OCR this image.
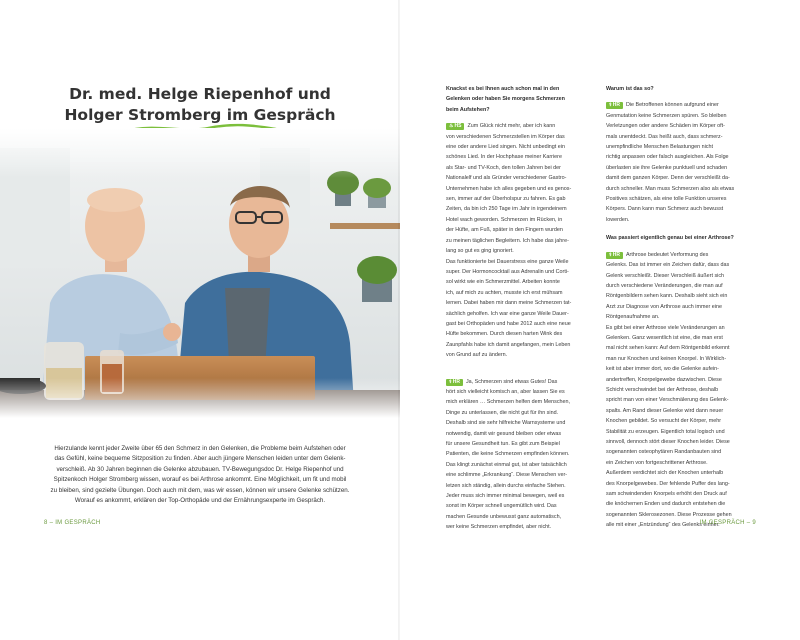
Dr. med. Helge Riepenhof und
Holger Stromberg im Gespräch
Hierzulande kennt jeder Zweite über 65 den Schmerz in den Gelenken, die Probleme beim Aufstehen oder
das Gefühl, keine bequeme Sitzposition zu finden. Aber auch jüngere Menschen leiden unter dem Gelenk-
verschleiß. Ab 30 Jahren beginnen die Gelenke abzubauen. TV-Bewegungsdoc Dr. Helge Riepenhof und
Spitzenkoch Holger Stromberg wissen, worauf es bei Arthrose ankommt. Eine Möglichkeit, um fit und mobil
zu bleiben, sind gezielte Übungen. Doch auch mit dem, was wir essen, können wir unsere Gelenke schützen.
Worauf es ankommt, erklären der Top-Orthopäde und der Ernährungsexperte im Gespräch.
8 – IM GESPRÄCH

Knackst es bei Ihnen auch schon mal in den

Gelenken oder haben Sie morgens Schmerzen

beim Aufstehen?

♨HS Zum Glück nicht mehr, aber ich kann

von verschiedenen Schmerzstellen im Körper das

eine oder andere Lied singen. Nicht unbedingt ein

schönes Lied. In der Hochphase meiner Karriere

als Star- und TV-Koch, den tollen Jahren bei der

Nationalelf und als Gründer verschiedener Gastro-

Unternehmen habe ich alles gegeben und es genos-

sen, immer auf der Überholspur zu fahren. Es gab

Zeiten, da bin ich 250 Tage im Jahr in irgendeinem

Hotel wach geworden. Schmerzen im Rücken, in

der Hüfte, am Fuß, später in den Fingern wurden

zu meinen täglichen Begleitern. Ich habe das jahre-

lang so gut es ging ignoriert.

Das funktionierte bei Dauerstress eine ganze Weile

super. Der Hormoncocktail aus Adrenalin und Corti-

sol wirkt wie ein Schmerzmittel. Arbeiten konnte

ich, auf mich zu achten, musste ich erst mühsam

lernen. Dabei haben mir dann meine Schmerzen tat-

sächlich geholfen. Ich war eine ganze Weile Dauer-

gast bei Orthopäden und habe 2012 auch eine neue

Hüfte bekommen. Durch diesen harten Wink des

Zaunpfahls habe ich damit angefangen, mein Leben

von Grund auf zu ändern.

⚕HR Ja, Schmerzen sind etwas Gutes! Das

hört sich vielleicht komisch an, aber lassen Sie es

mich erklären … Schmerzen helfen dem Menschen,

Dinge zu unterlassen, die nicht gut für ihn sind.

Deshalb sind sie sehr hilfreiche Warnsysteme und

notwendig, damit wir gesund bleiben oder etwas

für unsere Gesundheit tun. Es gibt zum Beispiel

Patienten, die keine Schmerzen empfinden können.

Das klingt zunächst einmal gut, ist aber tatsächlich

eine schlimme „Erkrankung“. Diese Menschen ver-

letzen sich ständig, allein durchs einfache Stehen.

Jeder muss sich immer minimal bewegen, weil es

sonst im Körper schnell ungemütlich wird. Das

machen Gesunde unbewusst ganz automatisch,

wer keine Schmerzen empfindet, aber nicht.

Warum ist das so?

⚕HR Die Betroffenen können aufgrund einer

Genmutation keine Schmerzen spüren. So bleiben

Verletzungen oder andere Schäden im Körper oft-

mals unentdeckt. Das heißt auch, dass schmerz-

unempfindliche Menschen Belastungen nicht

richtig anpassen oder falsch ausgleichen. Als Folge

überlasten sie ihre Gelenke punktuell und schaden

damit dem ganzen Körper. Denn der verschleißt da-

durch schneller. Man muss Schmerzen also als etwas

Positives schätzen, als eine tolle Funktion unseres

Körpers. Dann kann man Schmerz auch bewusst

lowerden.

Was passiert eigentlich genau bei einer Arthrose?

⚕HR Arthrose bedeutet Verformung des

Gelenks. Das ist immer ein Zeichen dafür, dass das

Gelenk verschleißt. Dieser Verschleiß äußert sich

durch verschiedene Veränderungen, die man auf

Röntgenbildern sehen kann. Deshalb sieht sich ein

Arzt zur Diagnose von Arthrose auch immer eine

Röntgenaufnahme an.

Es gibt bei einer Arthrose viele Veränderungen an

Gelenken. Ganz wesentlich ist eine, die man erst

mal nicht sehen kann: Auf dem Röntgenbild erkennt

man nur Knochen und keinen Knorpel. In Wirklich-

keit ist aber immer dort, wo die Gelenke aufein-

andertreffen, Knorpelgewebe dazwischen. Diese

Schicht verschwindet bei der Arthrose, deshalb

spricht man von einer Verschmälerung des Gelenk-

spalts. Am Rand dieser Gelenke wird dann neuer

Knochen gebildet. So versucht der Körper, mehr

Stabilität zu erzeugen. Eigentlich total logisch und

sinnvoll, dennoch stört dieser Knochen leider. Diese

sogenannten osteophytären Randanbauten sind

ein Zeichen von fortgeschrittener Arthrose.

Außerdem verdichtet sich der Knochen unterhalb

des Knorpelgewebes. Der fehlende Puffer des lang-

sam schwindenden Knorpels erhöht den Druck auf

die knöchernen Enden und dadurch entstehen die

sogenannten Sklerosezonen. Diese Prozesse gehen

alle mit einer „Entzündung“ des Gelenks einher.

IM GESPRÄCH – 9
